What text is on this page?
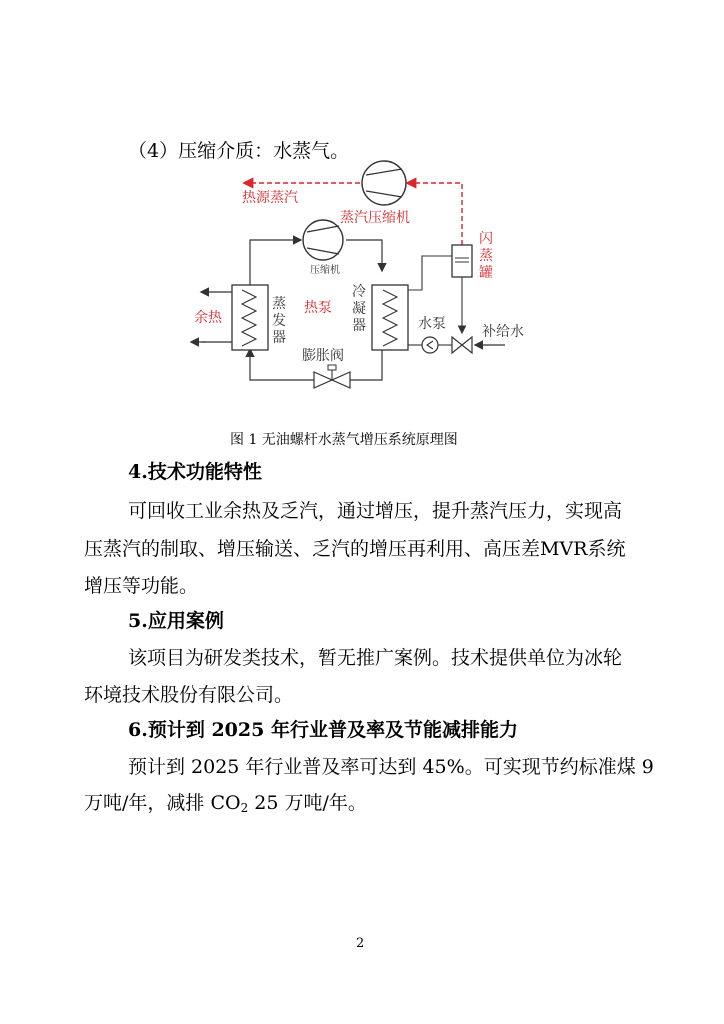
（4）压缩介质：水蒸气。
蒸汽压缩机
热源蒸汽
压缩机
蒸 发 器
余热
热泵
冷 凝 器
膨胀阀
闪 蒸 罐
水泵	补给水
图 1 无油螺杆水蒸气增压系统原理图
4.技术功能特性
可回收工业余热及乏汽，通过增压，提升蒸汽压力，实现高
压蒸汽的制取、增压输送、乏汽的增压再利用、高压差MVR系统
增压等功能。
5.应用案例
该项目为研发类技术，暂无推广案例。技术提供单位为冰轮
环境技术股份有限公司。
6.预计到 2025 年行业普及率及节能减排能力
预计到 2025 年行业普及率可达到 45%。可实现节约标准煤 9
万吨/年，减排 $CO_2$ 25 万吨/年。
2
